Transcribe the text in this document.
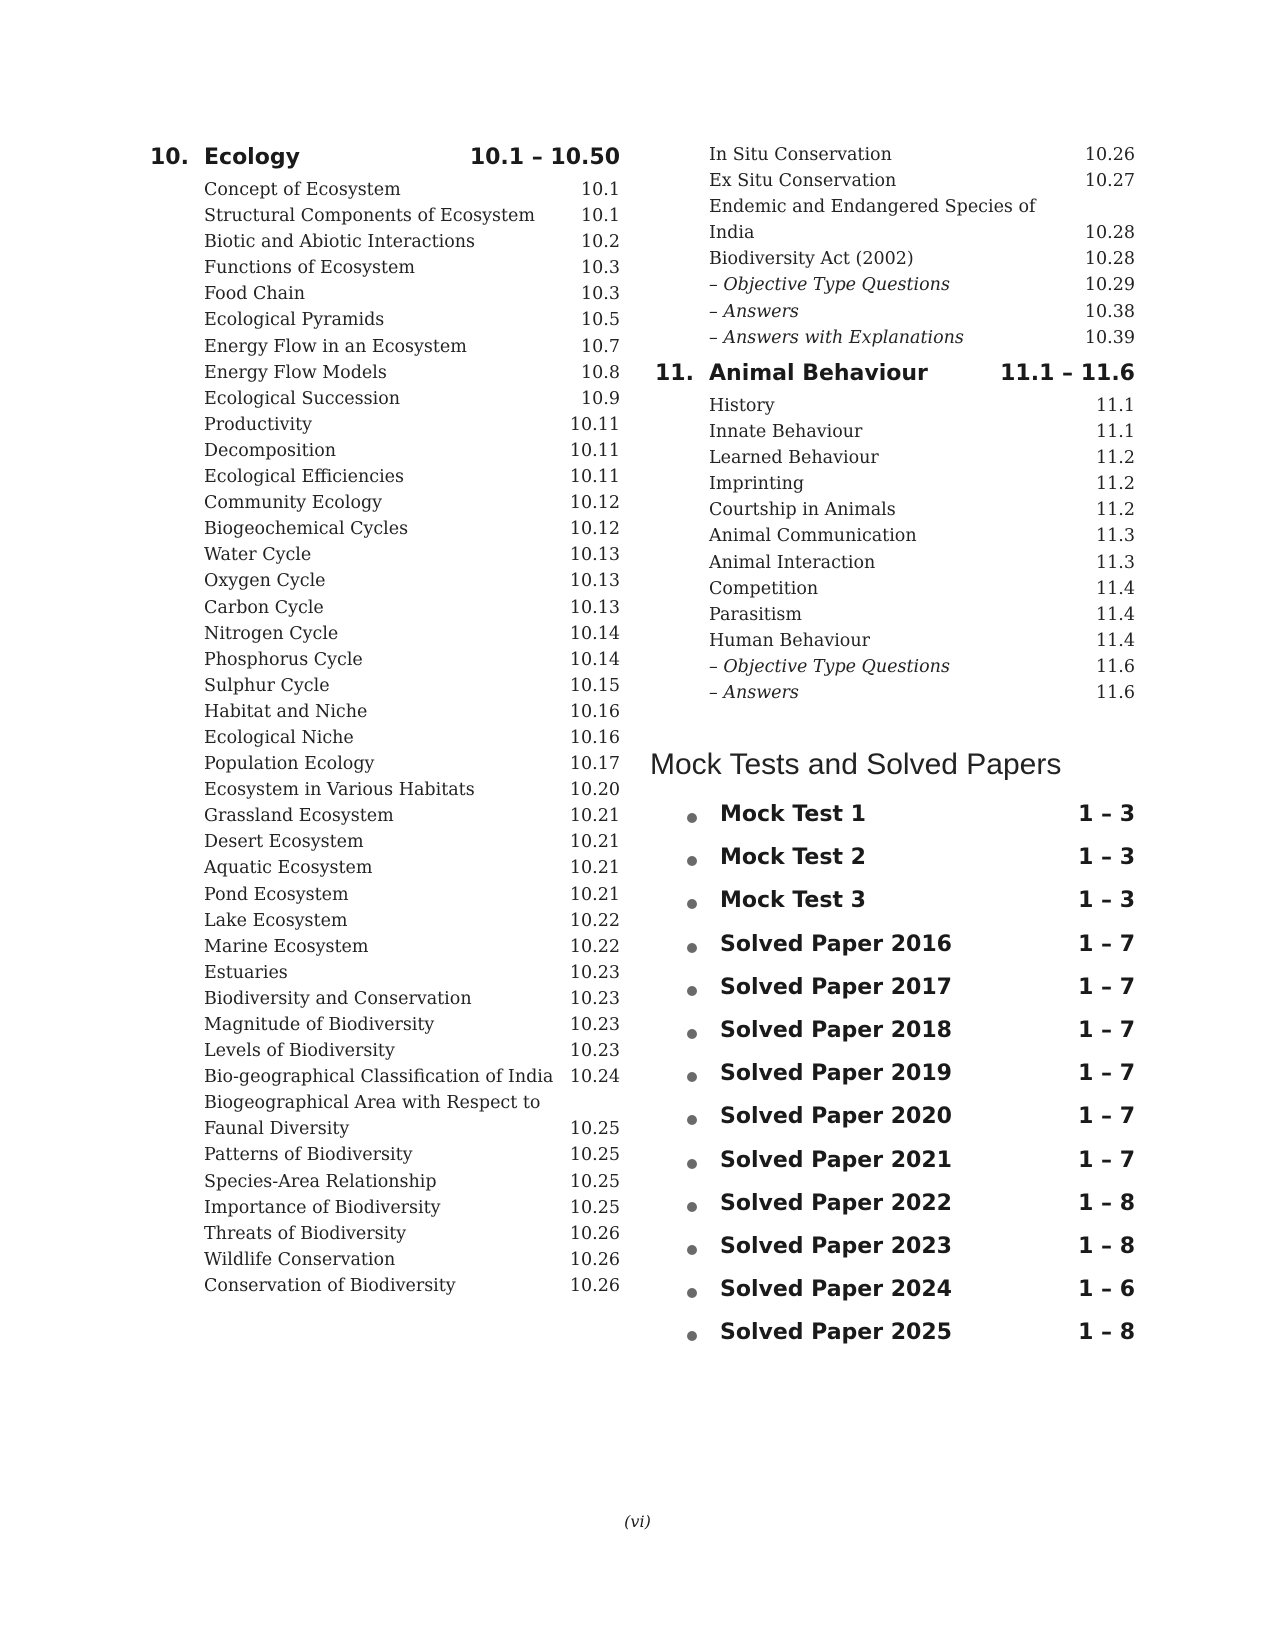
10. Ecology	10.1 – 10.50
Concept of Ecosystem	10.1
Structural Components of Ecosystem	10.1
Biotic and Abiotic Interactions	10.2
Functions of Ecosystem	10.3
Food Chain	10.3
Ecological Pyramids	10.5
Energy Flow in an Ecosystem	10.7
Energy Flow Models	10.8
Ecological Succession	10.9
Productivity	10.11
Decomposition	10.11
Ecological Efficiencies	10.11
Community Ecology	10.12
Biogeochemical Cycles	10.12
Water Cycle	10.13
Oxygen Cycle	10.13
Carbon Cycle	10.13
Nitrogen Cycle	10.14
Phosphorus Cycle	10.14
Sulphur Cycle	10.15
Habitat and Niche	10.16
Ecological Niche	10.16
Population Ecology	10.17
Ecosystem in Various Habitats	10.20
Grassland Ecosystem	10.21
Desert Ecosystem	10.21
Aquatic Ecosystem	10.21
Pond Ecosystem	10.21
Lake Ecosystem	10.22
Marine Ecosystem	10.22
Estuaries	10.23
Biodiversity and Conservation	10.23
Magnitude of Biodiversity	10.23
Levels of Biodiversity	10.23
Bio-geographical Classification of India 10.24
Biogeographical Area with Respect to Faunal Diversity	10.25
Patterns of Biodiversity	10.25
Species-Area Relationship	10.25
Importance of Biodiversity	10.25
Threats of Biodiversity	10.26
Wildlife Conservation	10.26
Conservation of Biodiversity	10.26
In Situ Conservation	10.26
Ex Situ Conservation	10.27
Endemic and Endangered Species of India	10.28
Biodiversity Act (2002)	10.28
– Objective Type Questions	10.29
– Answers	10.38
– Answers with Explanations	10.39
11. Animal Behaviour	11.1 – 11.6
History	11.1
Innate Behaviour	11.1
Learned Behaviour	11.2
Imprinting	11.2
Courtship in Animals	11.2
Animal Communication	11.3
Animal Interaction	11.3
Competition	11.4
Parasitism	11.4
Human Behaviour	11.4
– Objective Type Questions	11.6
– Answers	11.6
Mock Tests and Solved Papers
Mock Test 1	1 – 3
Mock Test 2	1 – 3
Mock Test 3	1 – 3
Solved Paper 2016	1 – 7
Solved Paper 2017	1 – 7
Solved Paper 2018	1 – 7
Solved Paper 2019	1 – 7
Solved Paper 2020	1 – 7
Solved Paper 2021	1 – 7
Solved Paper 2022	1 – 8
Solved Paper 2023	1 – 8
Solved Paper 2024	1 – 6
Solved Paper 2025	1 – 8
(vi)
